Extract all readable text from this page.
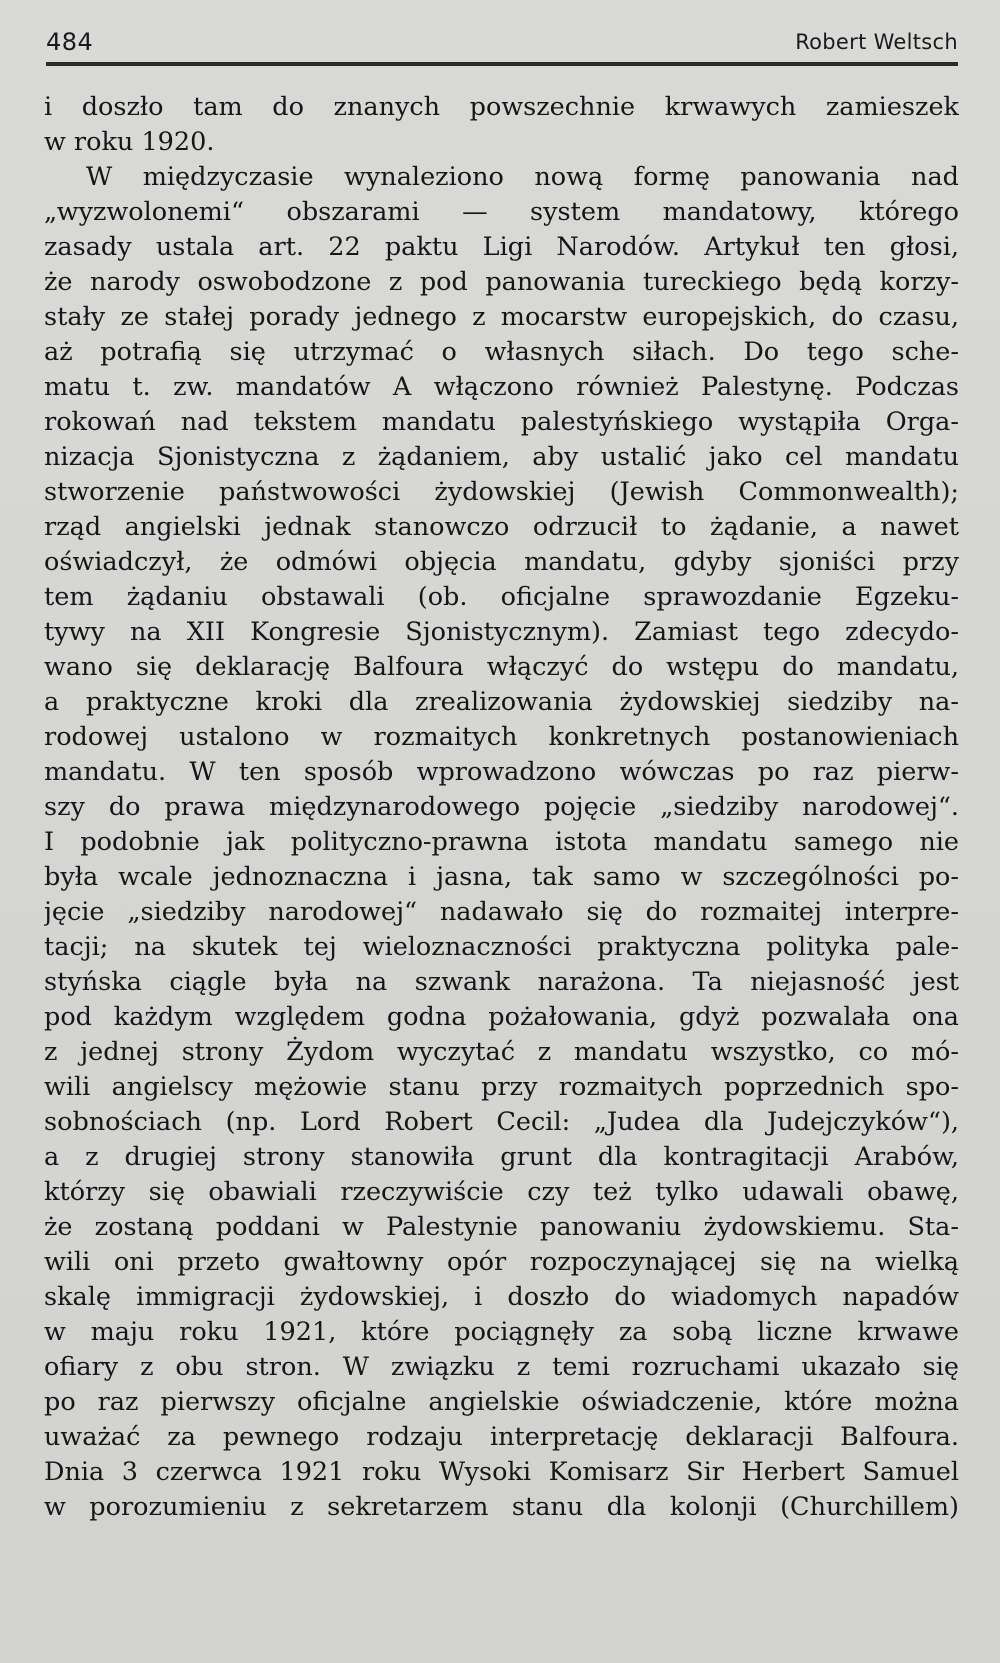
484	Robert Weltsch
i doszło tam do znanych powszechnie krwawych zamieszek
w roku 1920.
W międzyczasie wynaleziono nową formę panowania nad
„wyzwolonemi“ obszarami — system mandatowy, którego
zasady ustala art. 22 paktu Ligi Narodów. Artykuł ten głosi,
że narody oswobodzone z pod panowania tureckiego będą korzy-
stały ze stałej porady jednego z mocarstw europejskich, do czasu,
aż potrafią się utrzymać o własnych siłach. Do tego sche-
matu t. zw. mandatów A włączono również Palestynę. Podczas
rokowań nad tekstem mandatu palestyńskiego wystąpiła Orga-
nizacja Sjonistyczna z żądaniem, aby ustalić jako cel mandatu
stworzenie państwowości żydowskiej (Jewish Commonwealth);
rząd angielski jednak stanowczo odrzucił to żądanie, a nawet
oświadczył, że odmówi objęcia mandatu, gdyby sjoniści przy
tem żądaniu obstawali (ob. oficjalne sprawozdanie Egzeku-
tywy na XII Kongresie Sjonistycznym). Zamiast tego zdecydo-
wano się deklarację Balfoura włączyć do wstępu do mandatu,
a praktyczne kroki dla zrealizowania żydowskiej siedziby na-
rodowej ustalono w rozmaitych konkretnych postanowieniach
mandatu. W ten sposób wprowadzono wówczas po raz pierw-
szy do prawa międzynarodowego pojęcie „siedziby narodowej“.
I podobnie jak polityczno-prawna istota mandatu samego nie
była wcale jednoznaczna i jasna, tak samo w szczególności po-
jęcie „siedziby narodowej“ nadawało się do rozmaitej interpre-
tacji; na skutek tej wieloznaczności praktyczna polityka pale-
styńska ciągle była na szwank narażona. Ta niejasność jest
pod każdym względem godna pożałowania, gdyż pozwalała ona
z jednej strony Żydom wyczytać z mandatu wszystko, co mó-
wili angielscy mężowie stanu przy rozmaitych poprzednich spo-
sobnościach (np. Lord Robert Cecil: „Judea dla Judejczyków“),
a z drugiej strony stanowiła grunt dla kontragitacji Arabów,
którzy się obawiali rzeczywiście czy też tylko udawali obawę,
że zostaną poddani w Palestynie panowaniu żydowskiemu. Sta-
wili oni przeto gwałtowny opór rozpoczynającej się na wielką
skalę immigracji żydowskiej, i doszło do wiadomych napadów
w maju roku 1921, które pociągnęły za sobą liczne krwawe
ofiary z obu stron. W związku z temi rozruchami ukazało się
po raz pierwszy oficjalne angielskie oświadczenie, które można
uważać za pewnego rodzaju interpretację deklaracji Balfoura.
Dnia 3 czerwca 1921 roku Wysoki Komisarz Sir Herbert Samuel
w porozumieniu z sekretarzem stanu dla kolonji (Churchillem)
